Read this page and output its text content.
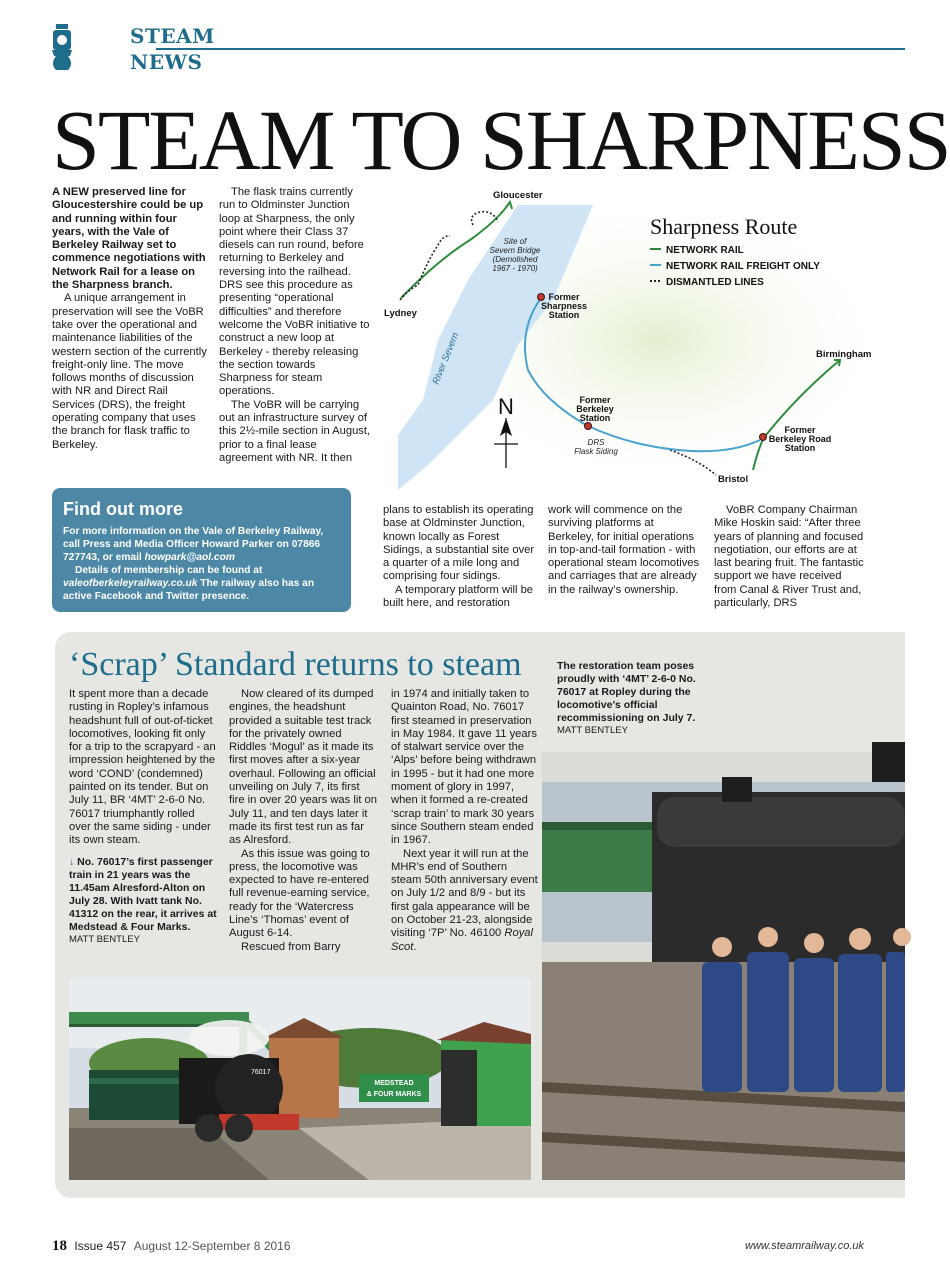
STEAM
NEWS
STEAM TO SHARPNESS

A NEW preserved line for Gloucestershire could be up and running within four years, with the Vale of Berkeley Railway set to commence negotiations with Network Rail for a lease on the Sharpness branch.

A unique arrangement in preservation will see the VoBR take over the operational and maintenance liabilities of the western section of the currently freight-only line. The move follows months of discussion with NR and Direct Rail Services (DRS), the freight operating company that uses the branch for flask traffic to Berkeley.

The flask trains currently run to Oldminster Junction loop at Sharpness, the only point where their Class 37 diesels can run round, before returning to Berkeley and reversing into the railhead. DRS see this procedure as presenting “operational difficulties” and therefore welcome the VoBR initiative to construct a new loop at Berkeley - thereby releasing the section towards Sharpness for steam operations.

The VoBR will be carrying out an infrastructure survey of this 2½-mile section in August, prior to a final lease agreement with NR. It then

plans to establish its operating base at Oldminster Junction, known locally as Forest Sidings, a substantial site over a quarter of a mile long and comprising four sidings.

A temporary platform will be built here, and restoration

work will commence on the surviving platforms at Berkeley, for initial operations in top-and-tail formation - with operational steam locomotives and carriages that are already in the railway’s ownership.

VoBR Company Chairman Mike Hoskin said: “After three years of planning and focused negotiation, our efforts are at last bearing fruit. The fantastic support we have received from Canal & River Trust and, particularly, DRS

Find out more
For more information on the Vale of Berkeley Railway, call Press and Media Officer Howard Parker on 07866 727743, or email howpark@aol.com
Details of membership can be found at valeofberkeleyrailway.co.uk The railway also has an active Facebook and Twitter presence.
Gloucester
Lydney
Birmingham
Bristol
Site of
Severn Bridge
(Demolished
1967 - 1970)
Former
Sharpness
Station
Former
Berkeley
Station
Former
Berkeley Road
Station
DRS
Flask Siding
River Severn
N
Sharpness Route
NETWORK RAIL
NETWORK RAIL FREIGHT ONLY
DISMANTLED LINES
‘Scrap’ Standard returns to steam

It spent more than a decade rusting in Ropley’s infamous headshunt full of out-of-ticket locomotives, looking fit only for a trip to the scrapyard - an impression heightened by the word ‘COND’ (condemned) painted on its tender. But on July 11, BR ‘4MT’ 2-6-0 No. 76017 triumphantly rolled over the same siding - under its own steam.

↓ No. 76017’s first passenger train in 21 years was the 11.45am Alresford-Alton on July 28. With Ivatt tank No. 41312 on the rear, it arrives at Medstead & Four Marks.
MATT BENTLEY

Now cleared of its dumped engines, the headshunt provided a suitable test track for the privately owned Riddles ‘Mogul’ as it made its first moves after a six-year overhaul. Following an official unveiling on July 7, its first fire in over 20 years was lit on July 11, and ten days later it made its first test run as far as Alresford.

As this issue was going to press, the locomotive was expected to have re-entered full revenue-earning service, ready for the ‘Watercress Line’s ‘Thomas’ event of August 6-14.

Rescued from Barry

in 1974 and initially taken to Quainton Road, No. 76017 first steamed in preservation in May 1984. It gave 11 years of stalwart service over the ‘Alps’ before being withdrawn in 1995 - but it had one more moment of glory in 1997, when it formed a re-created ‘scrap train’ to mark 30 years since Southern steam ended in 1967.

Next year it will run at the MHR’s end of Southern steam 50th anniversary event on July 1/2 and 8/9 - but its first gala appearance will be on October 21-23, alongside visiting ‘7P’ No. 46100 Royal Scot.

76017
MEDSTEAD
& FOUR MARKS
The restoration team poses proudly with ‘4MT’ 2-6-0 No. 76017 at Ropley during the locomotive’s official recommissioning on July 7.
MATT BENTLEY
18 Issue 457 August 12-September 8 2016	www.steamrailway.co.uk
